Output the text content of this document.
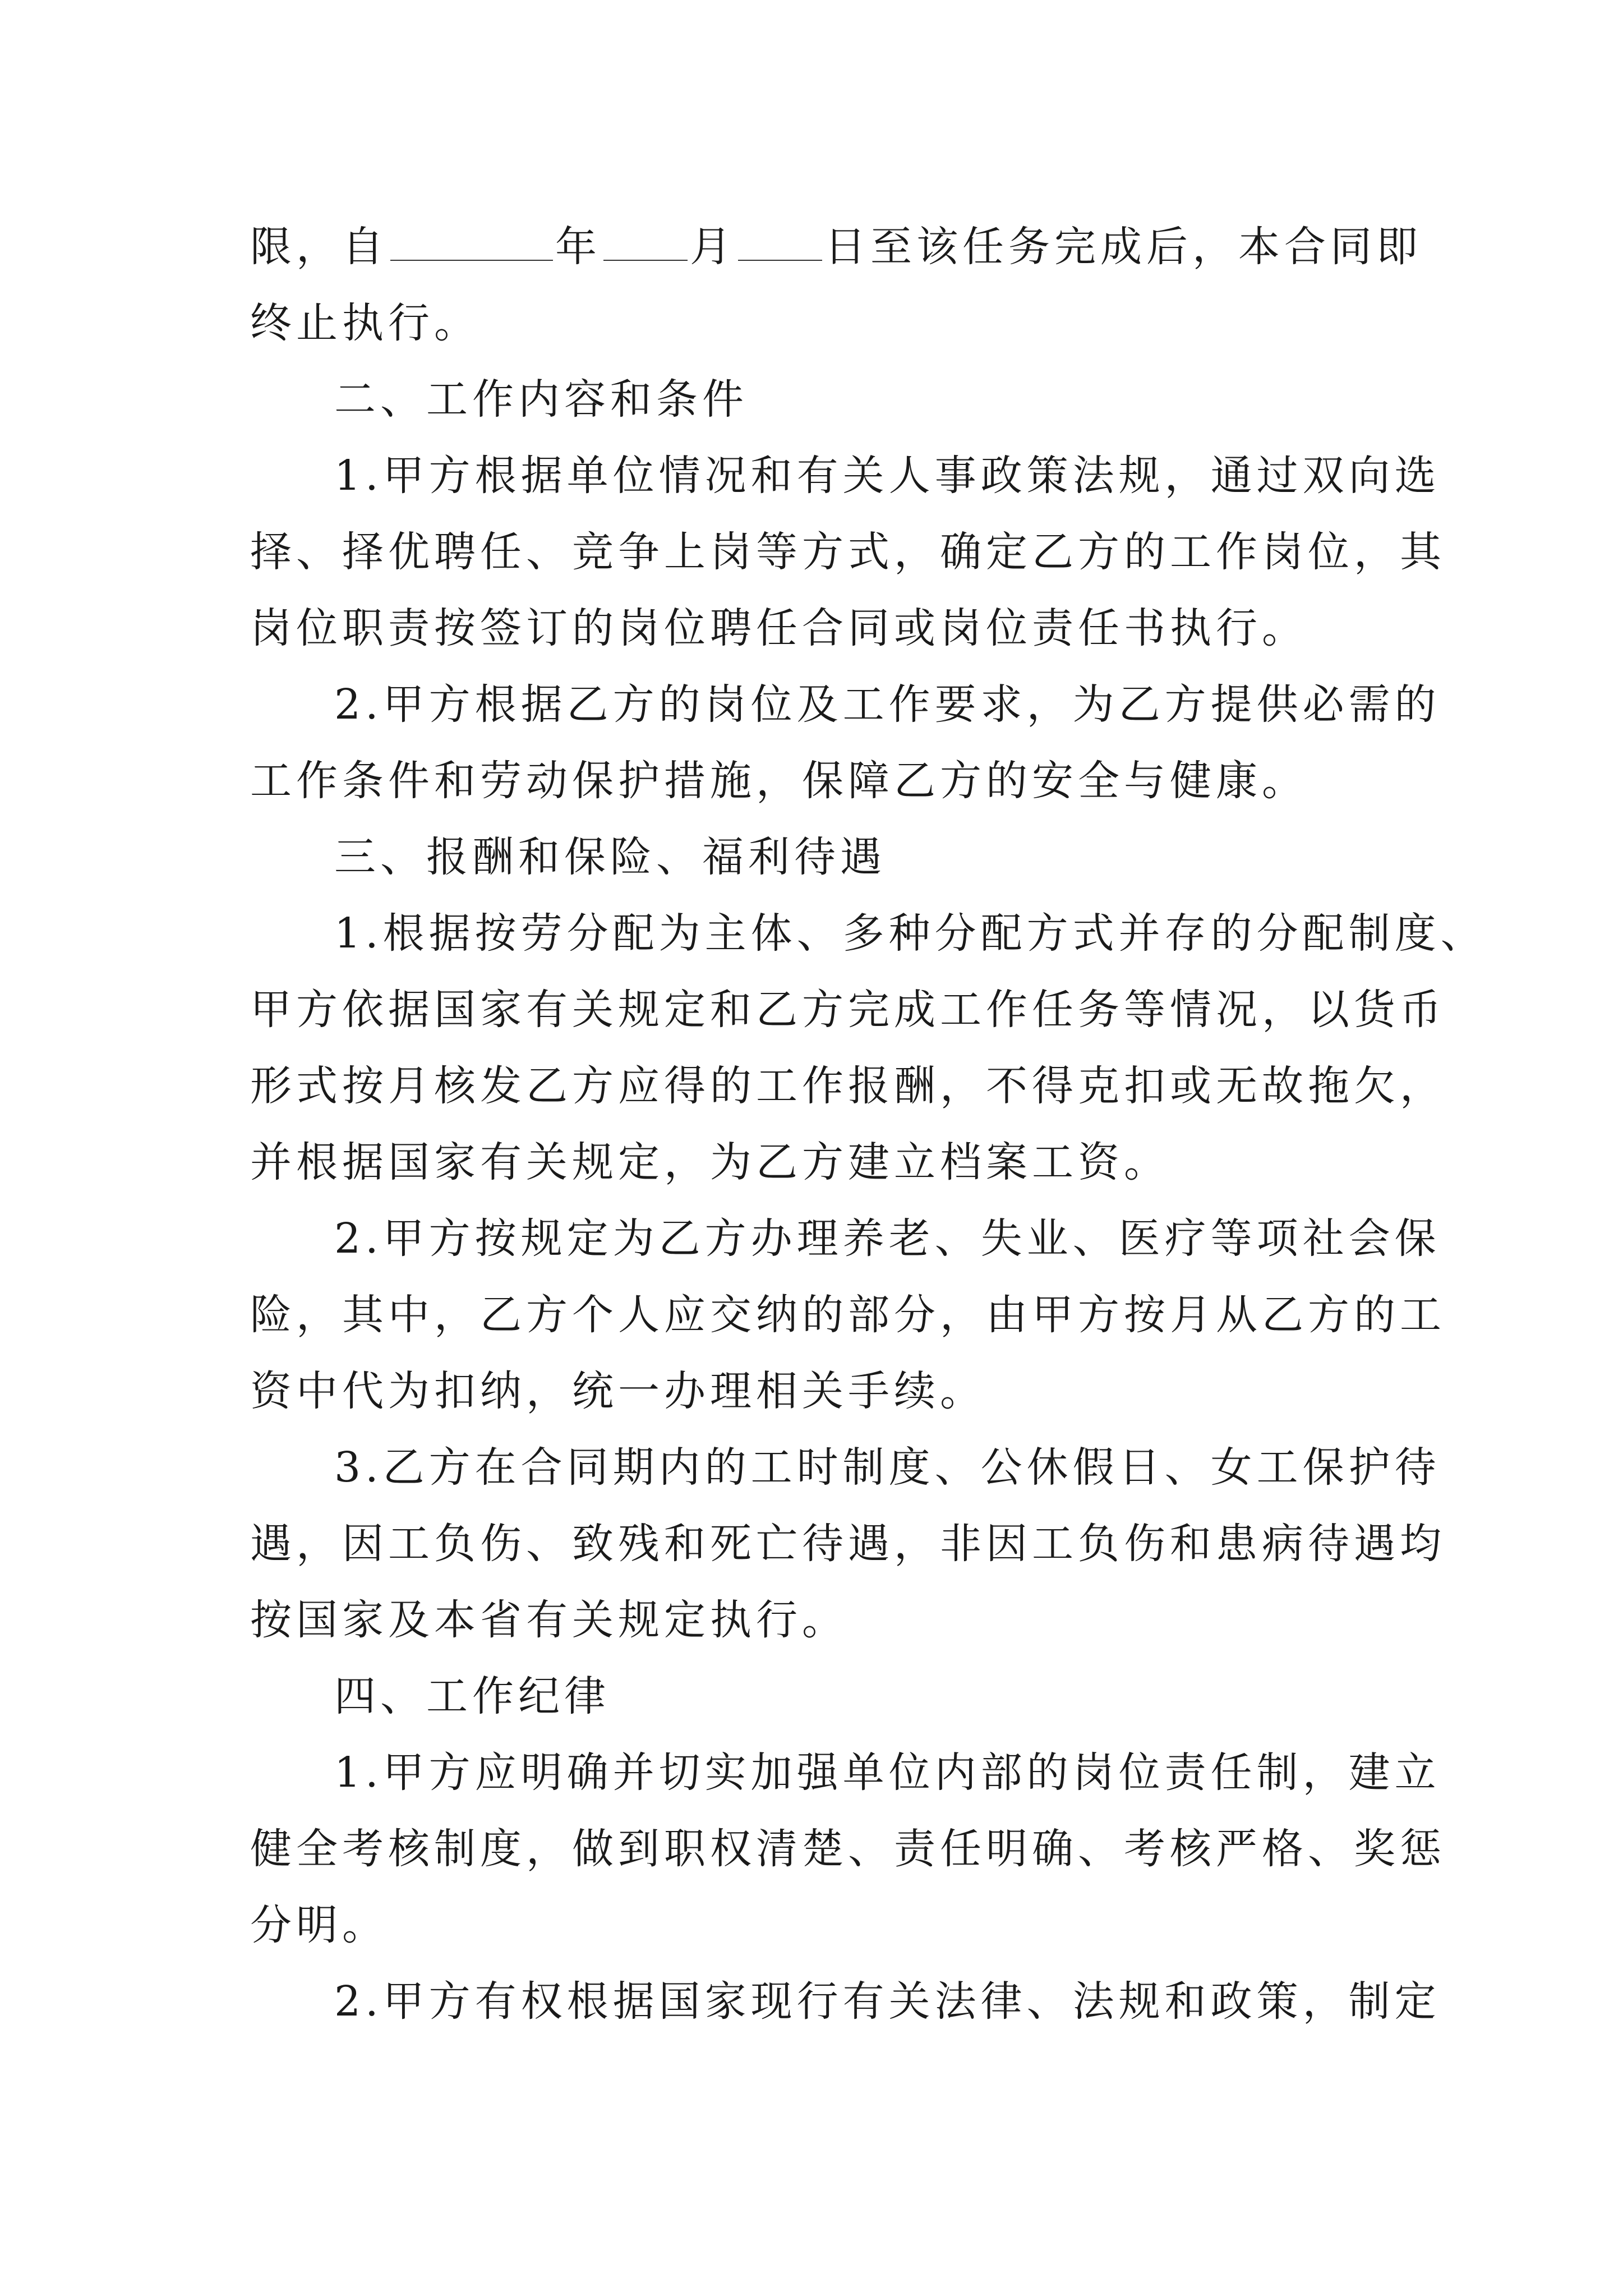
限，自	年 月 日至该任务完成后，本合同即
终止执行。
二、工作内容和条件
1.甲方根据单位情况和有关人事政策法规，通过双向选
择、择优聘任、竞争上岗等方式，确定乙方的工作岗位，其
岗位职责按签订的岗位聘任合同或岗位责任书执行。
2.甲方根据乙方的岗位及工作要求，为乙方提供必需的
工作条件和劳动保护措施，保障乙方的安全与健康。
三、报酬和保险、福利待遇
1.根据按劳分配为主体、多种分配方式并存的分配制度、
甲方依据国家有关规定和乙方完成工作任务等情况，以货币
形式按月核发乙方应得的工作报酬，不得克扣或无故拖欠，
并根据国家有关规定，为乙方建立档案工资。
2.甲方按规定为乙方办理养老、失业、医疗等项社会保
险，其中，乙方个人应交纳的部分，由甲方按月从乙方的工
资中代为扣纳，统一办理相关手续。
3.乙方在合同期内的工时制度、公休假日、女工保护待
遇，因工负伤、致残和死亡待遇，非因工负伤和患病待遇均
按国家及本省有关规定执行。
四、工作纪律
1.甲方应明确并切实加强单位内部的岗位责任制，建立
健全考核制度，做到职权清楚、责任明确、考核严格、奖惩
分明。
2.甲方有权根据国家现行有关法律、法规和政策，制定
